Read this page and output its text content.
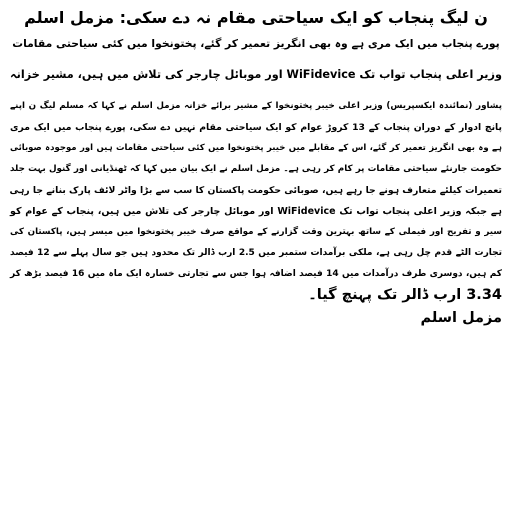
ن لیگ پنجاب کو ایک سیاحتی مقام نہ دے سکی: مزمل اسلم
پورے پنجاب میں ایک مری ہے وہ بھی انگریز تعمیر کر گئے، پختونخوا میں کئی سیاحتی مقامات
وزیر اعلی پنجاب تواب تک WiFidevice اور موبائل چارجر کی تلاش میں ہیں، مشیر خزانہ
پشاور (نمائندہ ایکسپریس) وزیر اعلی خیبر پختونخوا کے مشیر برائے خزانہ مزمل اسلم نے کہا کہ مسلم لیگ ن اپنے
پانچ ادوار کے دوران پنجاب کے 13 کروڑ عوام کو ایک سیاحتی مقام نہیں دے سکی، پورے پنجاب میں ایک مری
ہے وہ بھی انگریز تعمیر کر گئے، اس کے مقابلے میں خیبر پختونخوا میں کئی سیاحتی مقامات ہیں اور موجودہ صوبائی
حکومت جارنئے سیاحتی مقامات پر کام کر رہی ہے۔ مزمل اسلم نے ایک بیان میں کہا کہ ٹھنڈیانی اور گنول بہت جلد
تعمیرات کیلئے متعارف ہونے جا رہے ہیں، صوبائی حکومت پاکستان کا سب سے بڑا واٹر لائف پارک بنانے جا رہی
ہے جبکہ وزیر اعلی پنجاب تواب تک WiFidevice اور موبائل چارجر کی تلاش میں ہیں، پنجاب کے عوام کو
سیر و تفریح اور فیملی کے ساتھ بہترین وقت گزارنے کے مواقع صرف خیبر پختونخوا میں میسر ہیں، پاکستان کی
تجارت الٹے قدم چل رہی ہے، ملکی برآمدات ستمبر میں 2.5 ارب ڈالر تک محدود ہیں جو سال پہلے سے 12 فیصد
کم ہیں، دوسری طرف درآمدات میں 14 فیصد اضافہ ہوا جس سے تجارتی خسارہ ایک ماہ میں 16 فیصد بڑھ کر
3.34 ارب ڈالر تک پہنچ گیا۔
مزمل اسلم
